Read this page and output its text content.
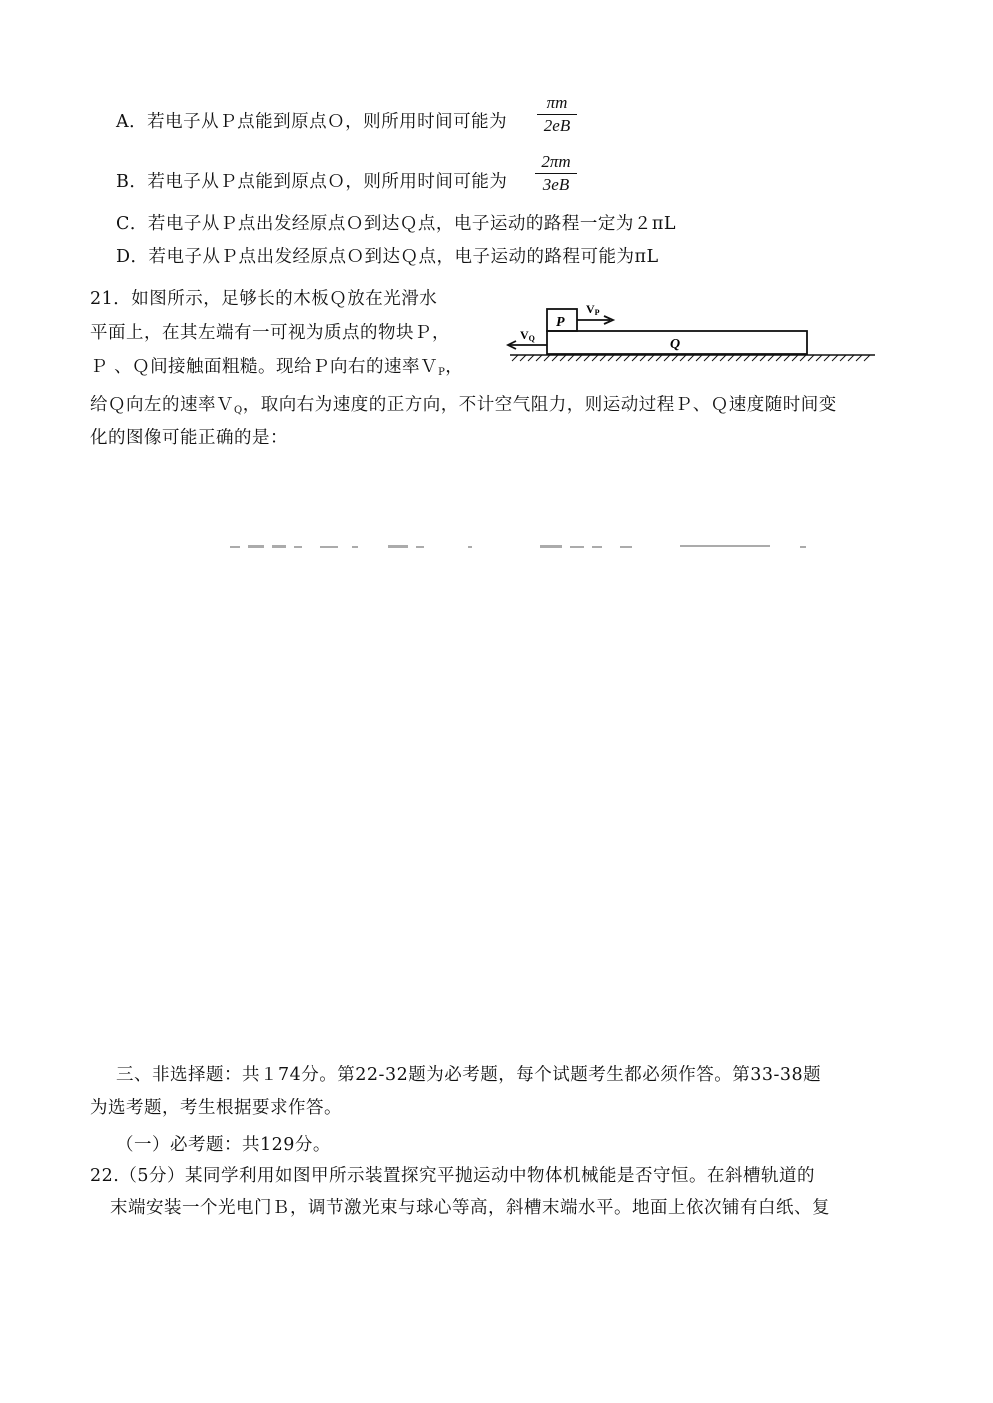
A．若电子从Ｐ点能到原点Ｏ，则所用时间可能为
πm
2eB
B．若电子从Ｐ点能到原点Ｏ，则所用时间可能为
2πm
3eB
C．若电子从Ｐ点出发经原点Ｏ到达Ｑ点，电子运动的路程一定为２πL
D．若电子从Ｐ点出发经原点Ｏ到达Ｑ点，电子运动的路程可能为πL
21．如图所示，足够长的木板Ｑ放在光滑水
平面上，在其左端有一可视为质点的物块Ｐ，
Ｐ 、Ｑ间接触面粗糙。现给Ｐ向右的速率Ｖ$_P$，
给Ｑ向左的速率Ｖ$_Q$，取向右为速度的正方向，不计空气阻力，则运动过程Ｐ、Ｑ速度随时间变
化的图像可能正确的是：
P
Q
VP
VQ
三、非选择题：共１74分。第22-32题为必考题，每个试题考生都必须作答。第33-38题
为选考题，考生根据要求作答。
（一）必考题：共129分。
22.（5分）某同学利用如图甲所示装置探究平抛运动中物体机械能是否守恒。在斜槽轨道的
末端安装一个光电门Ｂ，调节激光束与球心等高，斜槽末端水平。地面上依次铺有白纸、复
